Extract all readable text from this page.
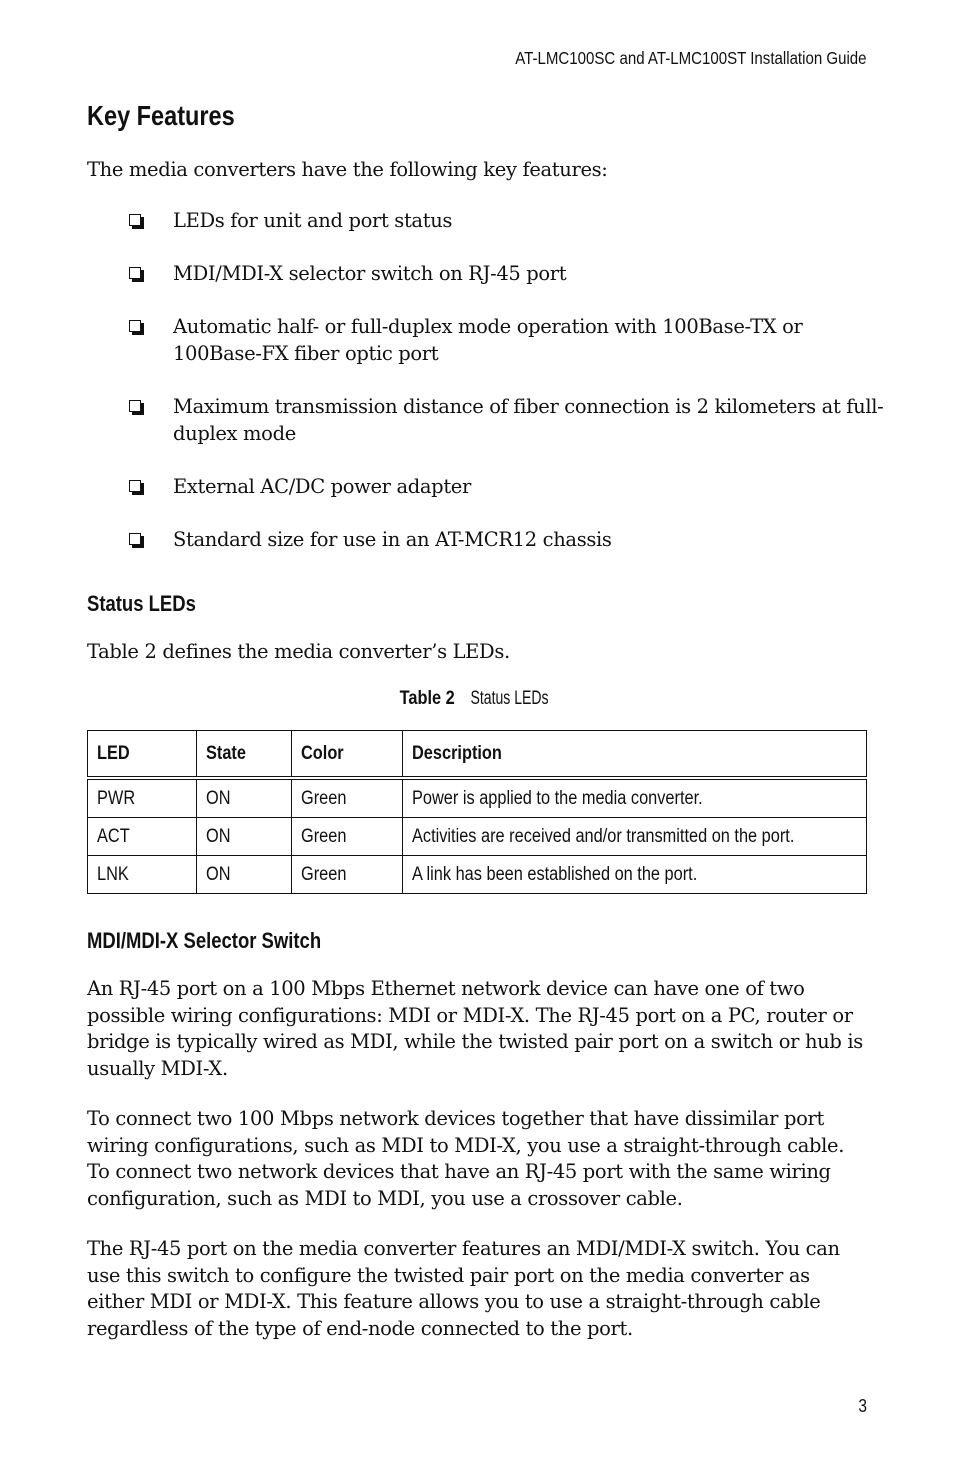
AT-LMC100SC and AT-LMC100ST Installation Guide
Key Features
The media converters have the following key features:
LEDs for unit and port status
MDI/MDI-X selector switch on RJ-45 port
Automatic half- or full-duplex mode operation with 100Base-TX or 100Base-FX fiber optic port
Maximum transmission distance of fiber connection is 2 kilometers at full-duplex mode
External AC/DC power adapter
Standard size for use in an AT-MCR12 chassis
Status LEDs
Table 2 defines the media converter’s LEDs.
Table 2 Status LEDs
LED	State	Color	Description
PWR	ON	Green	Power is applied to the media converter.
ACT	ON	Green	Activities are received and/or transmitted on the port.
LNK	ON	Green	A link has been established on the port.
MDI/MDI-X Selector Switch
An RJ-45 port on a 100 Mbps Ethernet network device can have one of two possible wiring configurations: MDI or MDI-X. The RJ-45 port on a PC, router or bridge is typically wired as MDI, while the twisted pair port on a switch or hub is usually MDI-X.
To connect two 100 Mbps network devices together that have dissimilar port wiring configurations, such as MDI to MDI-X, you use a straight-through cable. To connect two network devices that have an RJ-45 port with the same wiring configuration, such as MDI to MDI, you use a crossover cable.
The RJ-45 port on the media converter features an MDI/MDI-X switch. You can use this switch to configure the twisted pair port on the media converter as either MDI or MDI-X. This feature allows you to use a straight-through cable regardless of the type of end-node connected to the port.
3
